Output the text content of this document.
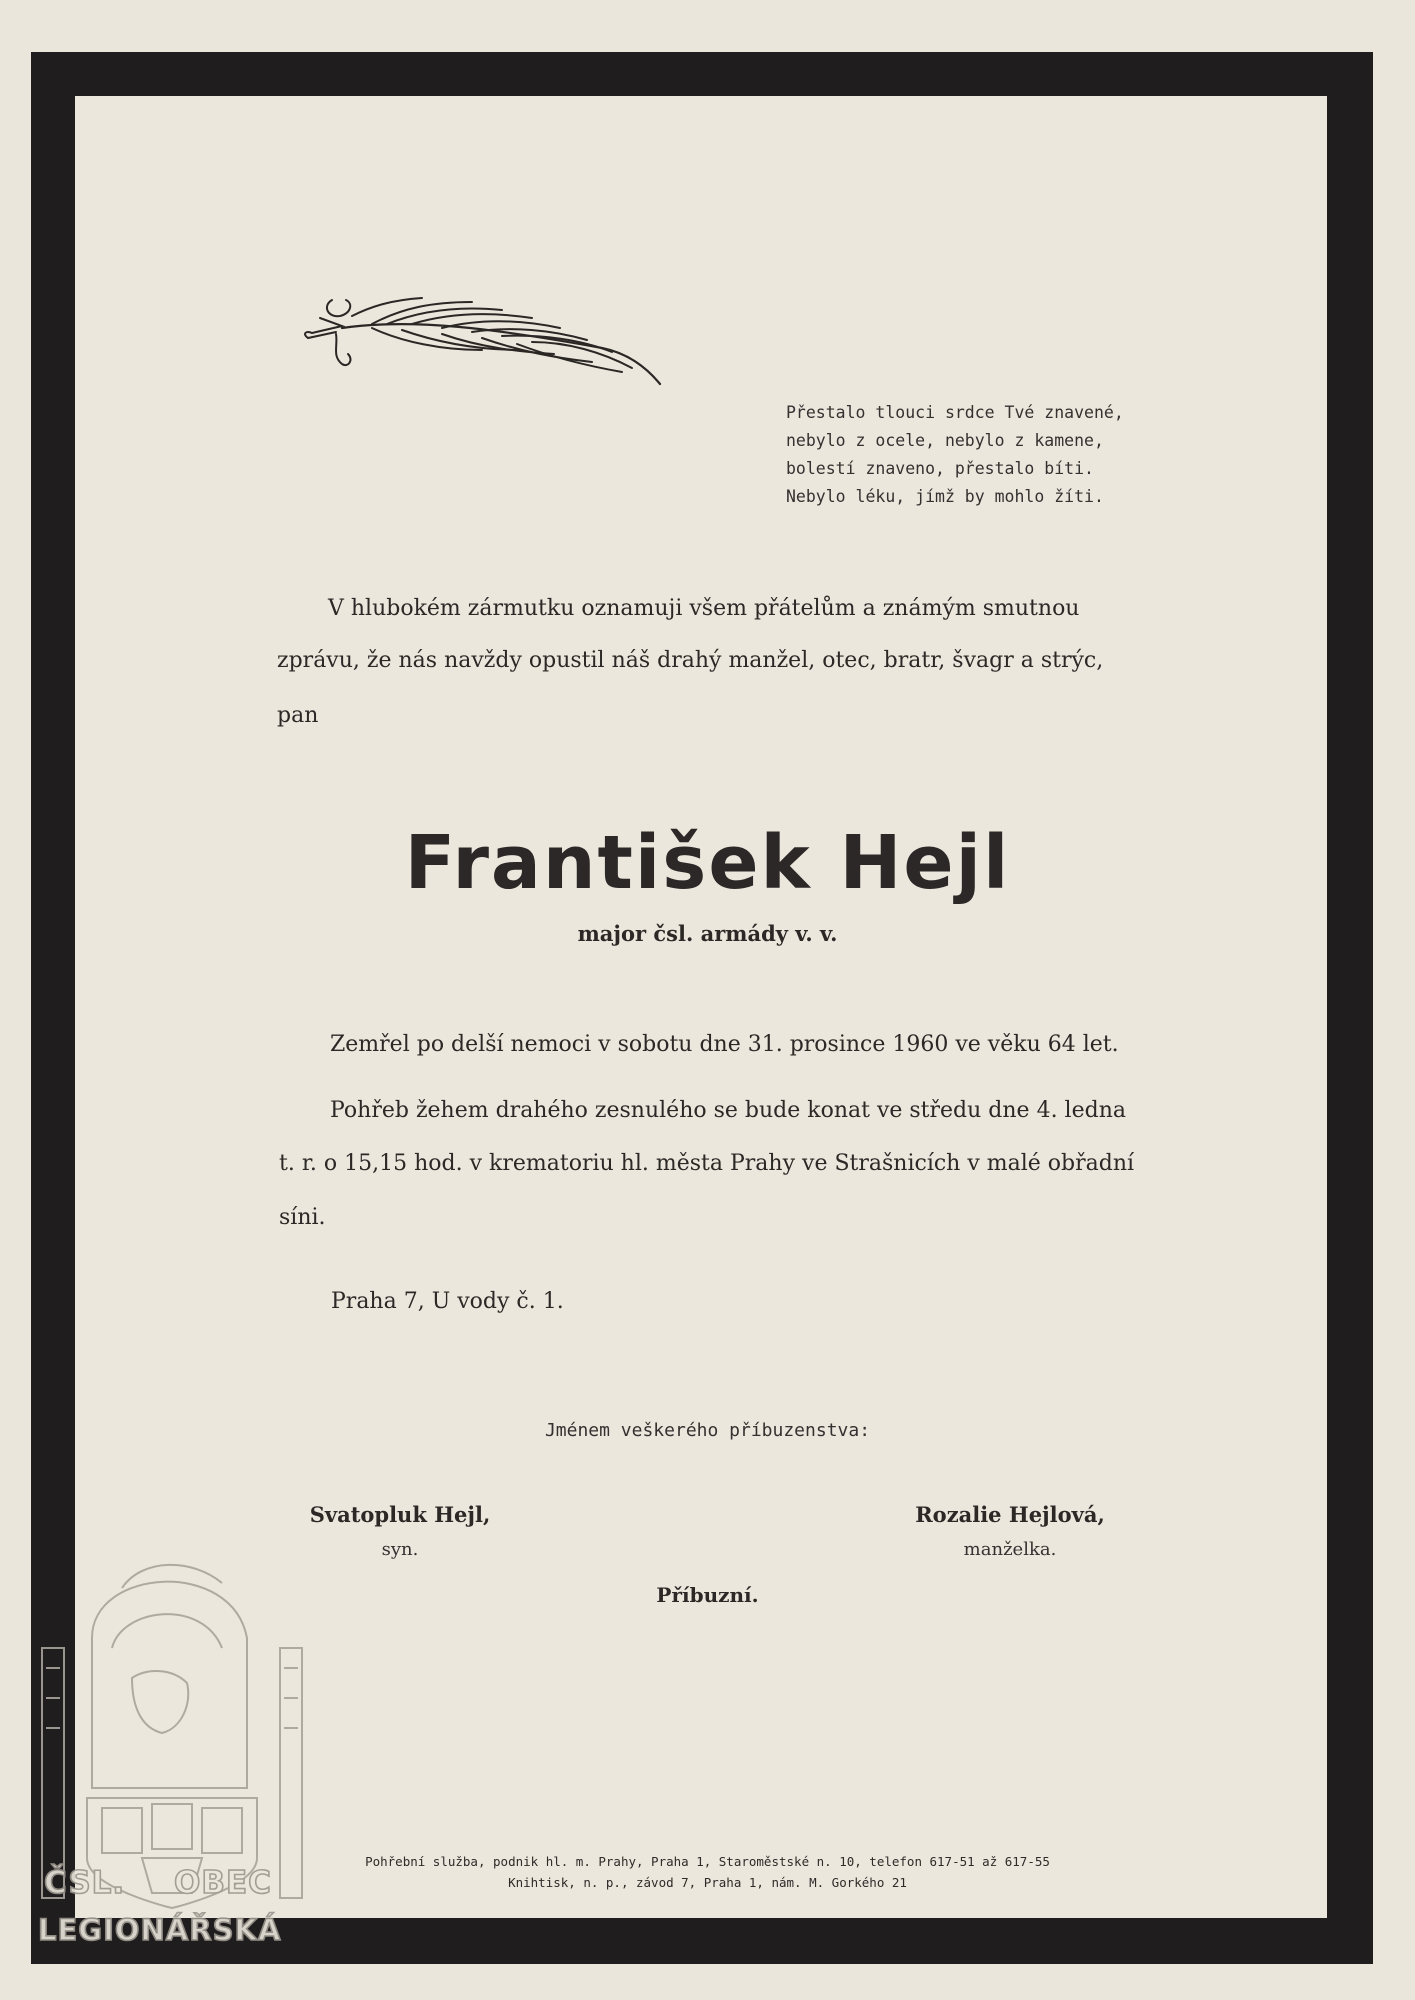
Přestalo tlouci srdce Tvé znavené,
nebylo z ocele, nebylo z kamene,
bolestí znaveno, přestalo bíti.
Nebylo léku, jímž by mohlo žíti.
V hlubokém zármutku oznamuji všem přátelům a známým smutnou
zprávu, že nás navždy opustil náš drahý manžel, otec, bratr, švagr a strýc,
pan
František Hejl
major čsl. armády v. v.
Zemřel po delší nemoci v sobotu dne 31. prosince 1960 ve věku 64 let.
Pohřeb žehem drahého zesnulého se bude konat ve středu dne 4. ledna
t. r. o 15,15 hod. v krematoriu hl. města Prahy ve Strašnicích v malé obřadní
síni.
Praha 7, U vody č. 1.
Jménem veškerého příbuzenstva:
Svatopluk Hejl,
syn.
Rozalie Hejlová,
manželka.
Příbuzní.
Pohřební služba, podnik hl. m. Prahy, Praha 1, Staroměstské n. 10, telefon 617-51 až 617-55
Knihtisk, n. p., závod 7, Praha 1, nám. M. Gorkého 21
ČSL. OBEC
LEGIONÁŘSKÁ
